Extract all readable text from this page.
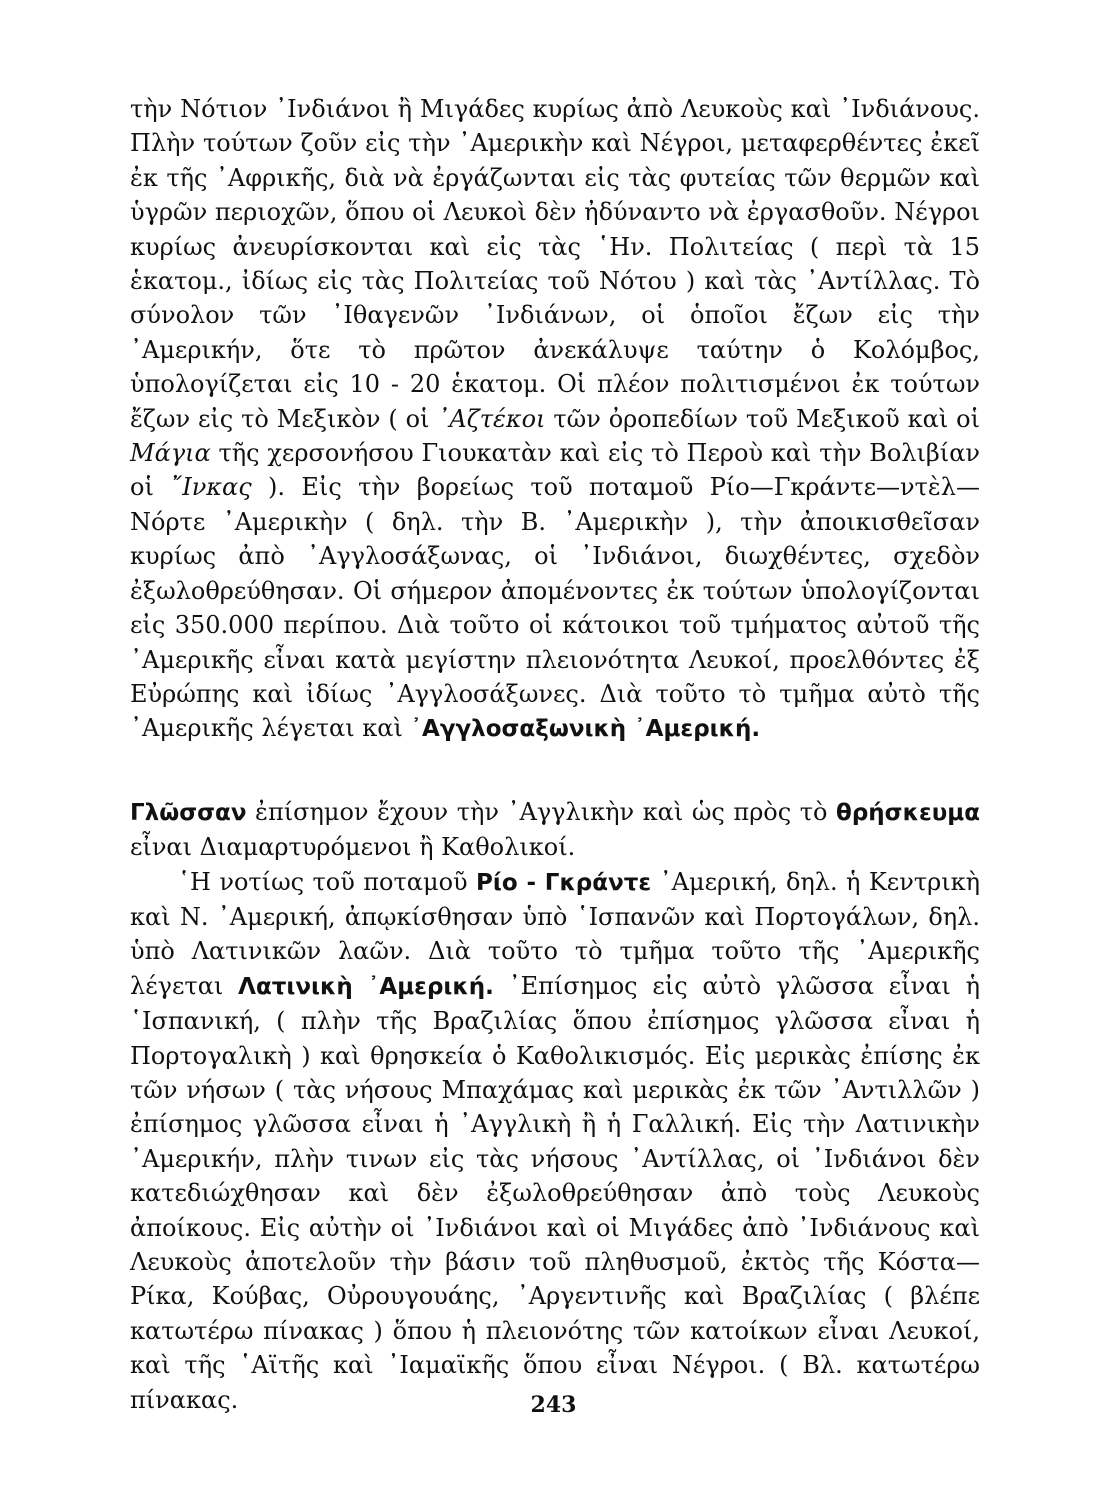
τὴν Νότιον ᾿Ινδιάνοι ἢ Μιγάδες κυρίως ἀπὸ Λευκοὺς καὶ ᾿Ινδιάνους. Πλὴν τούτων ζοῦν εἰς τὴν ᾿Αμερικὴν καὶ Νέγροι, μεταφερθέντες ἐκεῖ ἐκ τῆς ᾿Αφρικῆς, διὰ νὰ ἐργάζωνται εἰς τὰς φυτείας τῶν θερμῶν καὶ ὑγρῶν περιοχῶν, ὅπου οἱ Λευκοὶ δὲν ἠδύναντο νὰ ἐργασθοῦν. Νέγροι κυρίως ἀνευρίσκονται καὶ εἰς τὰς ῾Ην. Πολιτείας ( περὶ τὰ 15 ἑκατομ., ἰδίως εἰς τὰς Πολιτείας τοῦ Νότου ) καὶ τὰς ᾿Αντίλλας. Τὸ σύνολον τῶν ᾿Ιθαγενῶν ᾿Ινδιάνων, οἱ ὁποῖοι ἔζων εἰς τὴν ᾿Αμερικήν, ὅτε τὸ πρῶτον ἀνεκάλυψε ταύτην ὁ Κολόμβος, ὑπολογίζεται εἰς 10 - 20 ἑκατομ. Οἱ πλέον πολιτισμένοι ἐκ τούτων ἔζων εἰς τὸ Μεξικὸν ( οἱ ᾿Αζτέκοι τῶν ὀροπεδίων τοῦ Μεξικοῦ καὶ οἱ Μάγια τῆς χερσονήσου Γιουκατὰν καὶ εἰς τὸ Περοὺ καὶ τὴν Βολιβίαν οἱ ῎Ινκας ). Εἰς τὴν βορείως τοῦ ποταμοῦ Ρίο—Γκράντε—ντὲλ—Νόρτε ᾿Αμερικὴν ( δηλ. τὴν Β. ᾿Αμερικὴν ), τὴν ἀποικισθεῖσαν κυρίως ἀπὸ ᾿Αγγλοσάξωνας, οἱ ᾿Ινδιάνοι, διωχθέντες, σχεδὸν ἐξωλοθρεύθησαν. Οἱ σήμερον ἀπομένοντες ἐκ τούτων ὑπολογίζονται εἰς 350.000 περίπου. Διὰ τοῦτο οἱ κάτοικοι τοῦ τμήματος αὐτοῦ τῆς ᾿Αμερικῆς εἶναι κατὰ μεγίστην πλειονότητα Λευκοί, προελθόντες ἐξ Εὐρώπης καὶ ἰδίως ᾿Αγγλοσάξωνες. Διὰ τοῦτο τὸ τμῆμα αὐτὸ τῆς ᾿Αμερικῆς λέγεται καὶ ᾿Αγγλοσαξωνικὴ ᾿Αμερική.

Γλῶσσαν ἐπίσημον ἔχουν τὴν ᾿Αγγλικὴν καὶ ὡς πρὸς τὸ θρήσκευμα εἶναι Διαμαρτυρόμενοι ἢ Καθολικοί.

῾Η νοτίως τοῦ ποταμοῦ Ρίο - Γκράντε ᾿Αμερική, δηλ. ἡ Κεντρικὴ καὶ Ν. ᾿Αμερική, ἀπῳκίσθησαν ὑπὸ ῾Ισπανῶν καὶ Πορτογάλων, δηλ. ὑπὸ Λατινικῶν λαῶν. Διὰ τοῦτο τὸ τμῆμα τοῦτο τῆς ᾿Αμερικῆς λέγεται Λατινικὴ ᾿Αμερική. ᾿Επίσημος εἰς αὐτὸ γλῶσσα εἶναι ἡ ῾Ισπανική, ( πλὴν τῆς Βραζιλίας ὅπου ἐπίσημος γλῶσσα εἶναι ἡ Πορτογαλικὴ ) καὶ θρησκεία ὁ Καθολικισμός. Εἰς μερικὰς ἐπίσης ἐκ τῶν νήσων ( τὰς νήσους Μπαχάμας καὶ μερικὰς ἐκ τῶν ᾿Αντιλλῶν ) ἐπίσημος γλῶσσα εἶναι ἡ ᾿Αγγλικὴ ἢ ἡ Γαλλική. Εἰς τὴν Λατινικὴν ᾿Αμερικήν, πλὴν τινων εἰς τὰς νήσους ᾿Αντίλλας, οἱ ᾿Ινδιάνοι δὲν κατεδιώχθησαν καὶ δὲν ἐξωλοθρεύθησαν ἀπὸ τοὺς Λευκοὺς ἀποίκους. Εἰς αὐτὴν οἱ ᾿Ινδιάνοι καὶ οἱ Μιγάδες ἀπὸ ᾿Ινδιάνους καὶ Λευκοὺς ἀποτελοῦν τὴν βάσιν τοῦ πληθυσμοῦ, ἐκτὸς τῆς Κόστα—Ρίκα, Κούβας, Οὐρουγουάης, ᾿Αργεντινῆς καὶ Βραζιλίας ( βλέπε κατωτέρω πίνακας ) ὅπου ἡ πλειονότης τῶν κατοίκων εἶναι Λευκοί, καὶ τῆς ῾Αϊτῆς καὶ ᾿Ιαμαϊκῆς ὅπου εἶναι Νέγροι. ( Βλ. κατωτέρω πίνακας.	243
